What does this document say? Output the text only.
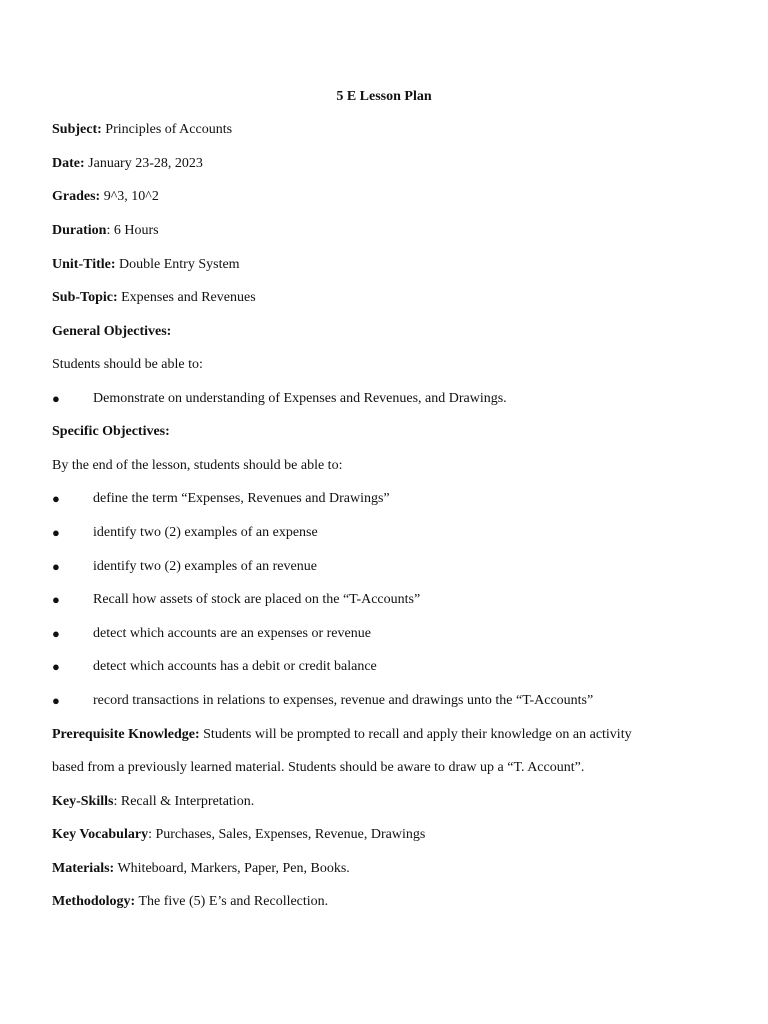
5 E Lesson Plan
Subject: Principles of Accounts
Date: January 23-28, 2023
Grades: 9^3, 10^2
Duration: 6 Hours
Unit-Title: Double Entry System
Sub-Topic: Expenses and Revenues
General Objectives:
Students should be able to:
● Demonstrate on understanding of Expenses and Revenues, and Drawings.
Specific Objectives:
By the end of the lesson, students should be able to:
● define the term “Expenses, Revenues and Drawings”
● identify two (2) examples of an expense
● identify two (2) examples of an revenue
● Recall how assets of stock are placed on the “T-Accounts”
● detect which accounts are an expenses or revenue
● detect which accounts has a debit or credit balance
● record transactions in relations to expenses, revenue and drawings unto the “T-Accounts”
Prerequisite Knowledge: Students will be prompted to recall and apply their knowledge on an activity
based from a previously learned material. Students should be aware to draw up a “T. Account”.
Key-Skills: Recall & Interpretation.
Key Vocabulary: Purchases, Sales, Expenses, Revenue, Drawings
Materials: Whiteboard, Markers, Paper, Pen, Books.
Methodology: The five (5) E’s and Recollection.
